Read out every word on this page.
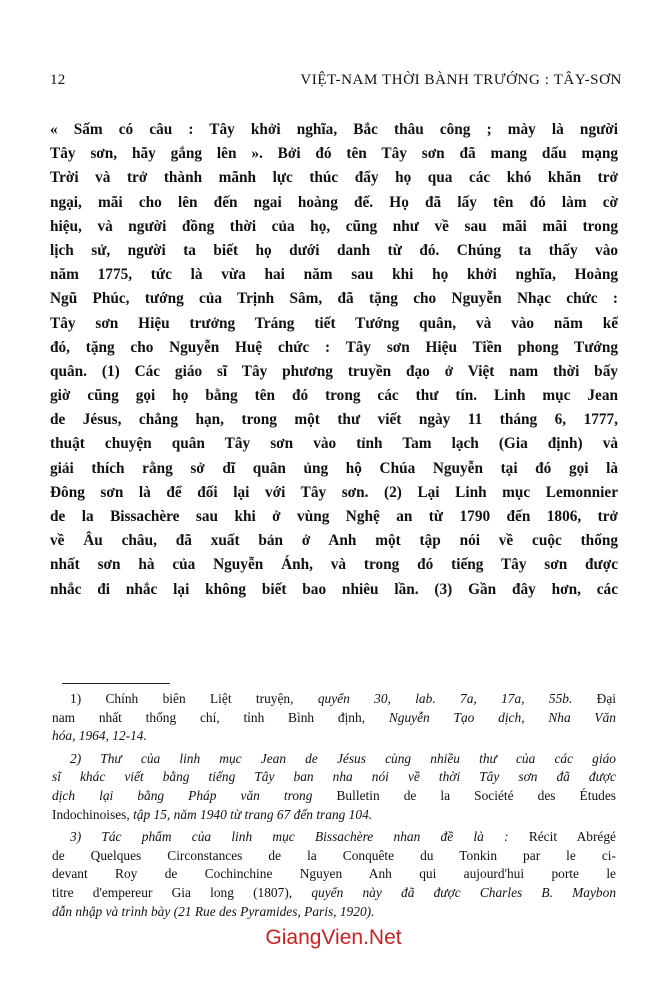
12	VIỆT-NAM THỜI BÀNH TRƯỚNG : TÂY-SƠN
« Sấm có câu : Tây khởi nghĩa, Bắc thâu công ; mày là người
Tây sơn, hãy gắng lên ». Bởi đó tên Tây sơn đã mang dấu mạng
Trời và trở thành mãnh lực thúc đẩy họ qua các khó khăn trở
ngại, mãi cho lên đến ngai hoàng đế. Họ đã lấy tên đó làm cờ
hiệu, và người đồng thời của họ, cũng như về sau mãi mãi trong
lịch sử, người ta biết họ dưới danh từ đó. Chúng ta thấy vào
năm 1775, tức là vừa hai năm sau khi họ khởi nghĩa, Hoàng
Ngũ Phúc, tướng của Trịnh Sâm, đã tặng cho Nguyễn Nhạc chức :
Tây sơn Hiệu trưởng Tráng tiết Tướng quân, và vào năm kế
đó, tặng cho Nguyễn Huệ chức : Tây sơn Hiệu Tiền phong Tướng
quân. (1) Các giáo sĩ Tây phương truyền đạo ở Việt nam thời bấy
giờ cũng gọi họ bằng tên đó trong các thư tín. Linh mục Jean
de Jésus, chẳng hạn, trong một thư viết ngày 11 tháng 6, 1777,
thuật chuyện quân Tây sơn vào tỉnh Tam lạch (Gia định) và
giải thích rằng sở dĩ quân ủng hộ Chúa Nguyễn tại đó gọi là
Đông sơn là để đối lại với Tây sơn. (2) Lại Linh mục Lemonnier
de la Bissachère sau khi ở vùng Nghệ an từ 1790 đến 1806, trở
về Âu châu, đã xuất bản ở Anh một tập nói về cuộc thống
nhất sơn hà của Nguyễn Ánh, và trong đó tiếng Tây sơn được
nhắc đi nhắc lại không biết bao nhiêu lần. (3) Gần đây hơn, các
1) Chính biên Liệt truyện, quyển 30, lab. 7a, 17a, 55b. Đại
nam nhất thống chí, tỉnh Bình định, Nguyễn Tạo dịch, Nha Văn
hóa, 1964, 12-14.
2) Thư của linh mục Jean de Jésus cùng nhiều thư của các giáo
sĩ khác viết bằng tiếng Tây ban nha nói về thời Tây sơn đã được
dịch lại bằng Pháp văn trong Bulletin de la Société des Études
Indochinoises, tập 15, năm 1940 từ trang 67 đến trang 104.
3) Tác phẩm của linh mục Bissachère nhan đề là : Récit Abrégé
de Quelques Circonstances de la Conquête du Tonkin par le ci-
devant Roy de Cochinchine Nguyen Anh qui aujourd'hui porte le
titre d'empereur Gia long (1807), quyển này đã được Charles B. Maybon
dẫn nhập và trình bày (21 Rue des Pyramides, Paris, 1920).
GiangVien.Net
